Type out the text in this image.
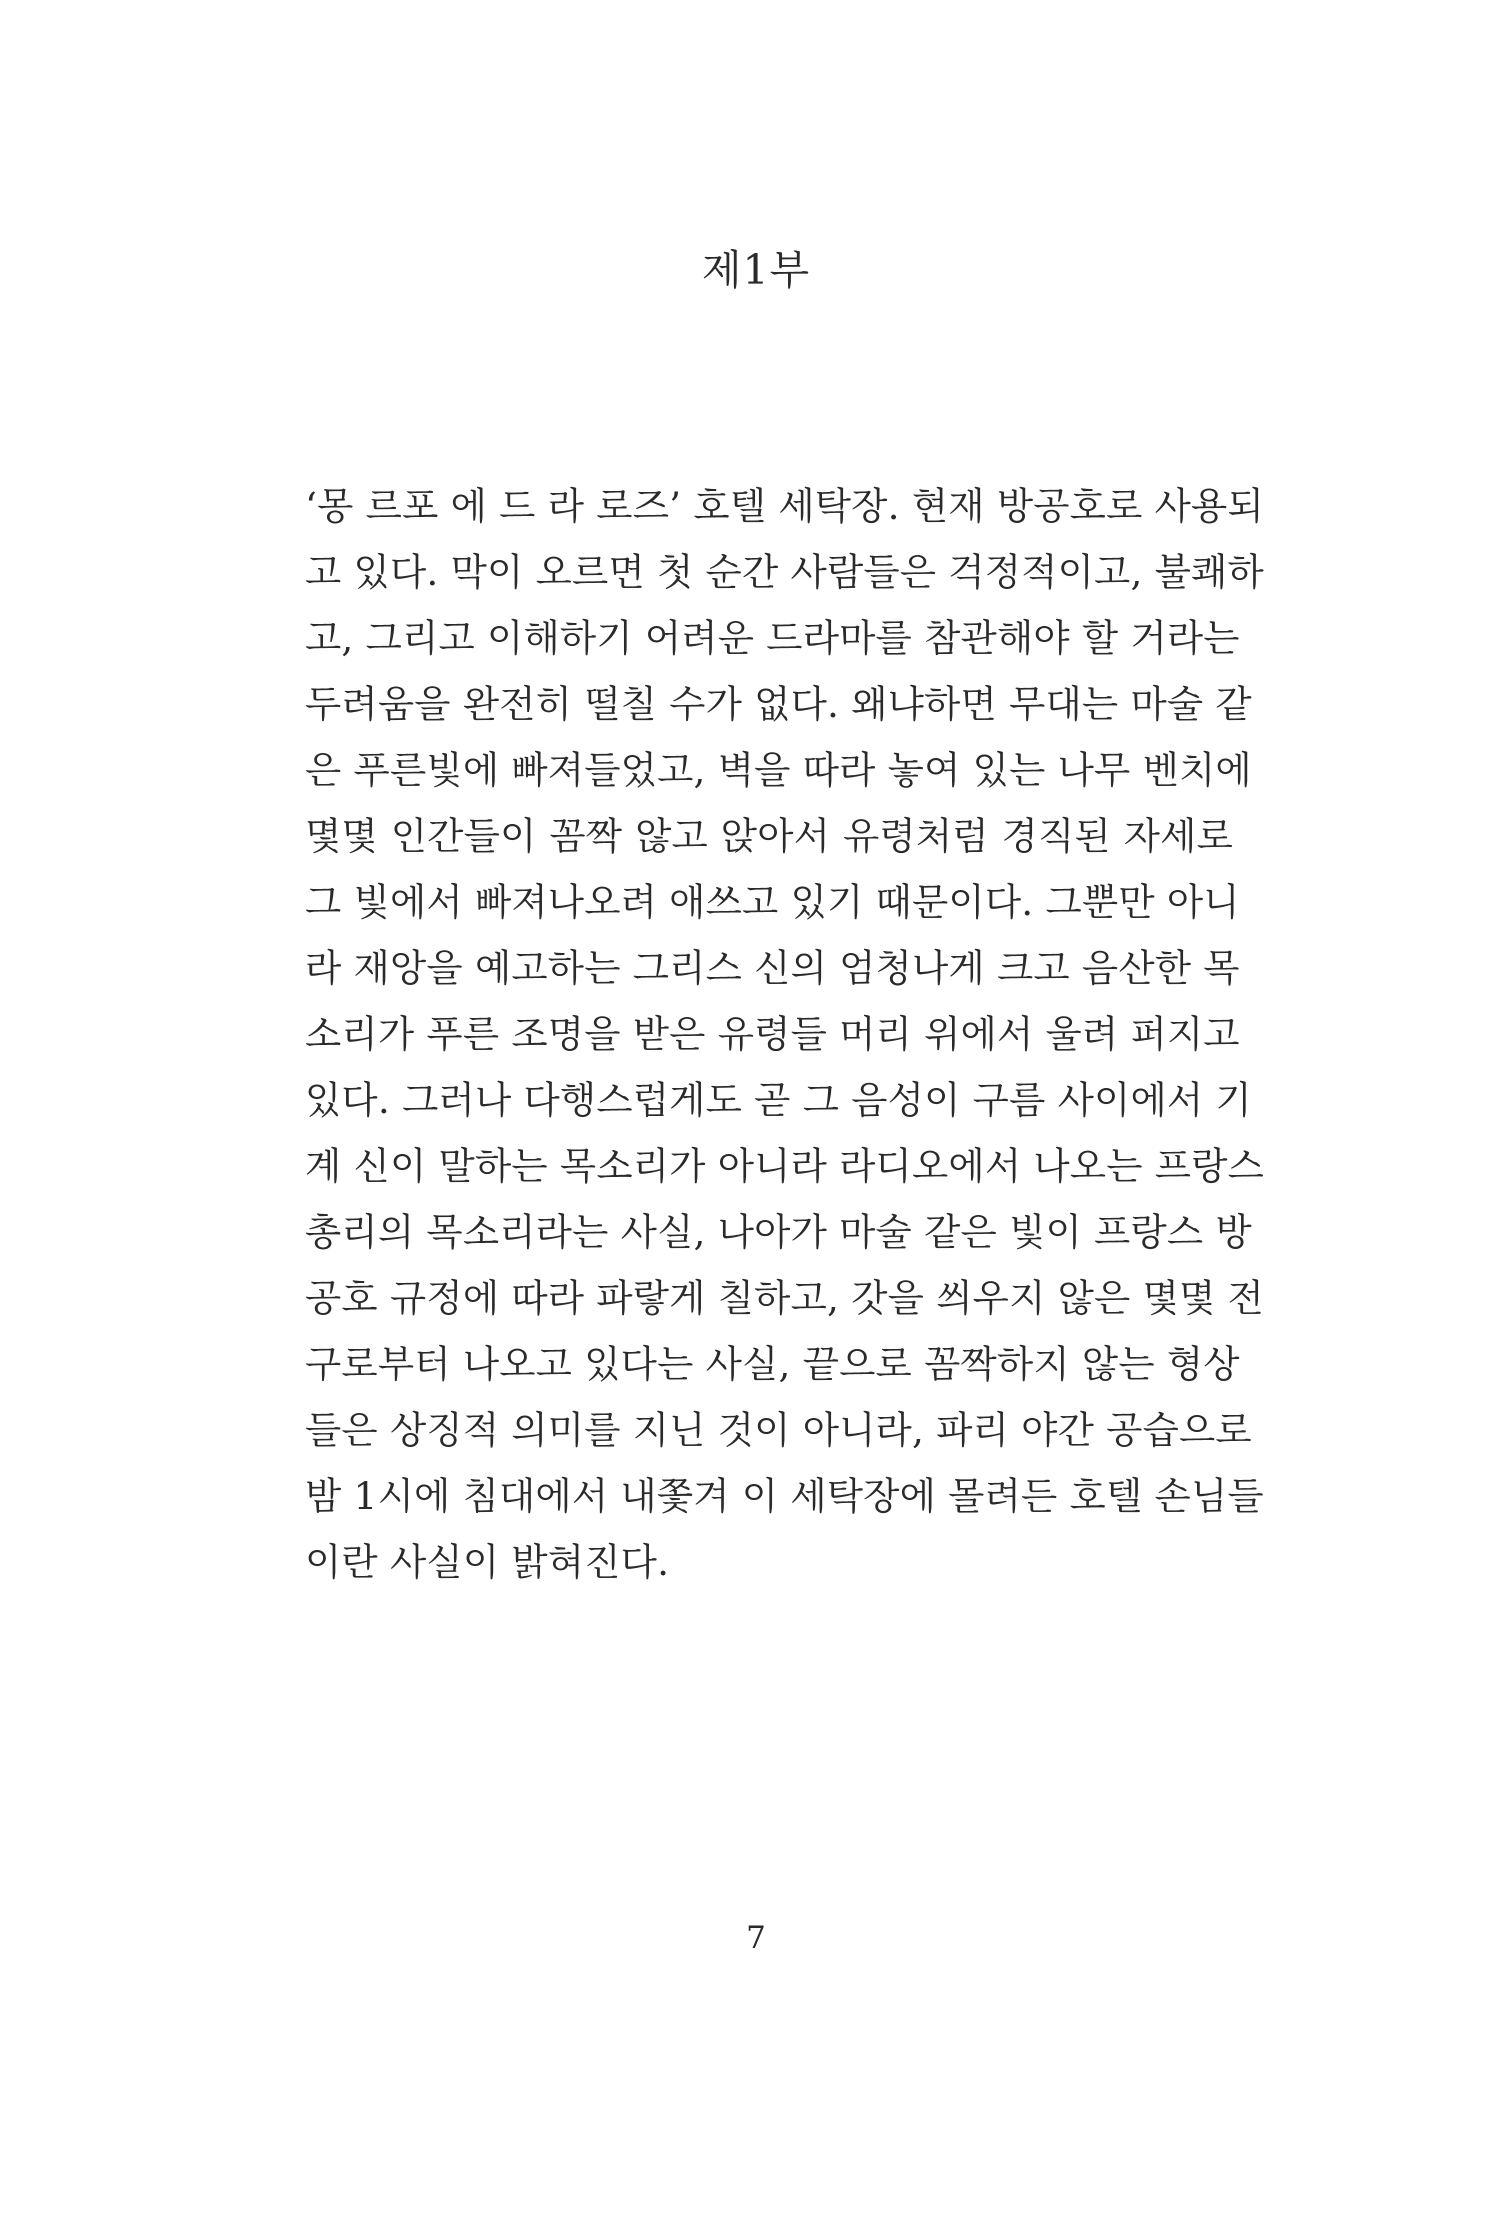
제1부
‘몽 르포 에 드 라 로즈’ 호텔 세탁장. 현재 방공호로 사용되
고 있다. 막이 오르면 첫 순간 사람들은 걱정적이고, 불쾌하
고, 그리고 이해하기 어려운 드라마를 참관해야 할 거라는
두려움을 완전히 떨칠 수가 없다. 왜냐하면 무대는 마술 같
은 푸른빛에 빠져들었고, 벽을 따라 놓여 있는 나무 벤치에
몇몇 인간들이 꼼짝 않고 앉아서 유령처럼 경직된 자세로
그 빛에서 빠져나오려 애쓰고 있기 때문이다. 그뿐만 아니
라 재앙을 예고하는 그리스 신의 엄청나게 크고 음산한 목
소리가 푸른 조명을 받은 유령들 머리 위에서 울려 퍼지고
있다. 그러나 다행스럽게도 곧 그 음성이 구름 사이에서 기
계 신이 말하는 목소리가 아니라 라디오에서 나오는 프랑스
총리의 목소리라는 사실, 나아가 마술 같은 빛이 프랑스 방
공호 규정에 따라 파랗게 칠하고, 갓을 씌우지 않은 몇몇 전
구로부터 나오고 있다는 사실, 끝으로 꼼짝하지 않는 형상
들은 상징적 의미를 지닌 것이 아니라, 파리 야간 공습으로
밤 1시에 침대에서 내쫓겨 이 세탁장에 몰려든 호텔 손님들
이란 사실이 밝혀진다.
7
